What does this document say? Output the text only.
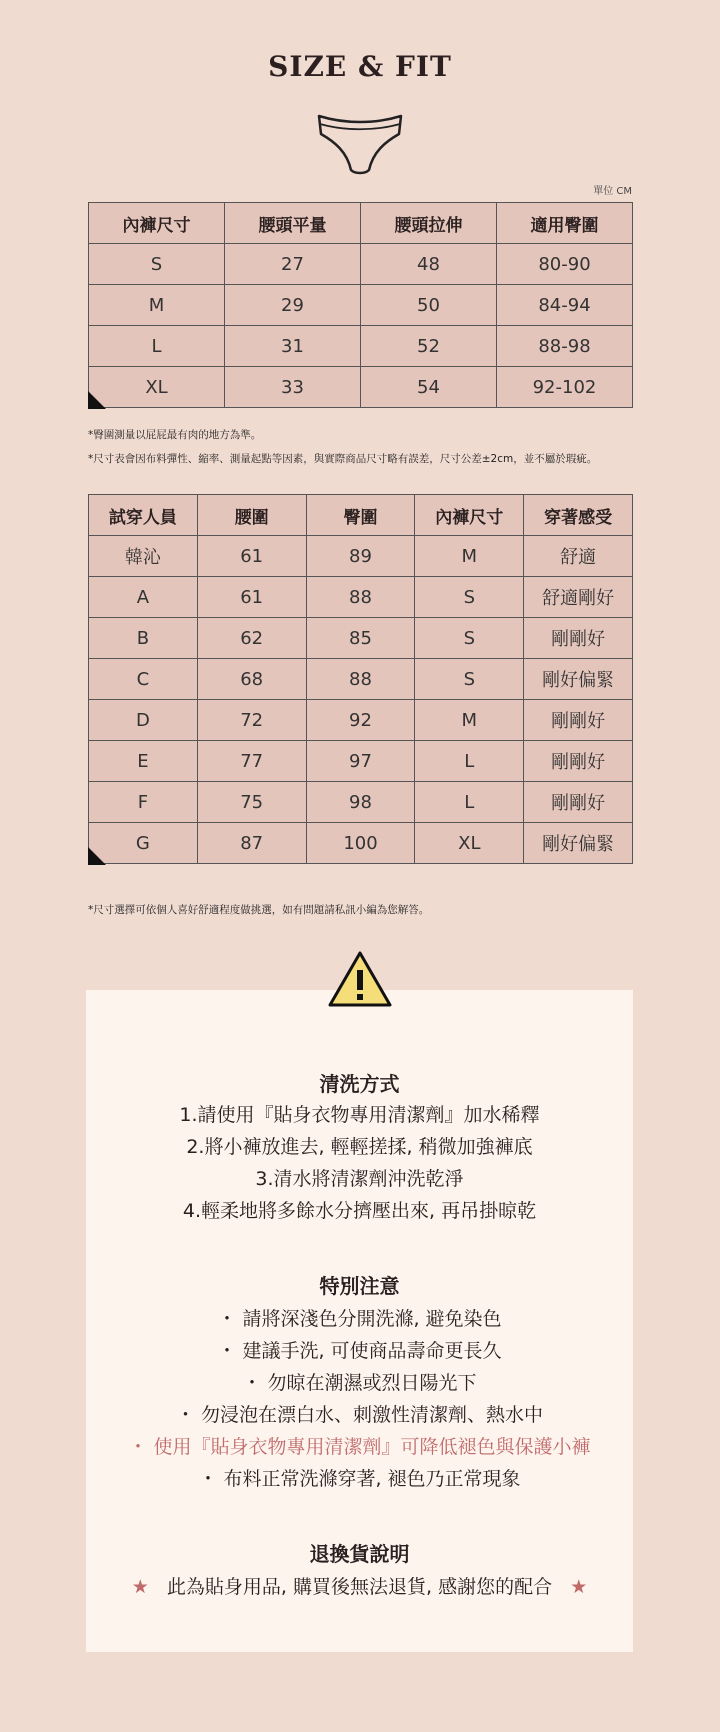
SIZE & FIT
單位 CM
內褲尺寸	腰頭平量	腰頭拉伸	適用臀圍
S	27	48	80-90
M	29	50	84-94
L	31	52	88-98
XL	33	54	92-102
*臀圍測量以屁屁最有肉的地方為準。
*尺寸表會因布料彈性、縮率、測量起點等因素，與實際商品尺寸略有誤差，尺寸公差±2cm，並不屬於瑕疵。
試穿人員	腰圍	臀圍	內褲尺寸	穿著感受
韓沁	61	89	M	舒適
A	61	88	S	舒適剛好
B	62	85	S	剛剛好
C	68	88	S	剛好偏緊
D	72	92	M	剛剛好
E	77	97	L	剛剛好
F	75	98	L	剛剛好
G	87	100	XL	剛好偏緊
*尺寸選擇可依個人喜好舒適程度做挑選，如有問題請私訊小編為您解答。
清洗方式
1.請使用『貼身衣物專用清潔劑』加水稀釋
2.將小褲放進去, 輕輕搓揉, 稍微加強褲底
3.清水將清潔劑沖洗乾淨
4.輕柔地將多餘水分擠壓出來, 再吊掛晾乾
特別注意
・ 請將深淺色分開洗滌, 避免染色
・ 建議手洗, 可使商品壽命更長久
・ 勿晾在潮濕或烈日陽光下
・ 勿浸泡在漂白水、刺激性清潔劑、熱水中
・ 使用『貼身衣物專用清潔劑』可降低褪色與保護小褲
・ 布料正常洗滌穿著, 褪色乃正常現象
退換貨說明
★ 此為貼身用品, 購買後無法退貨, 感謝您的配合 ★
